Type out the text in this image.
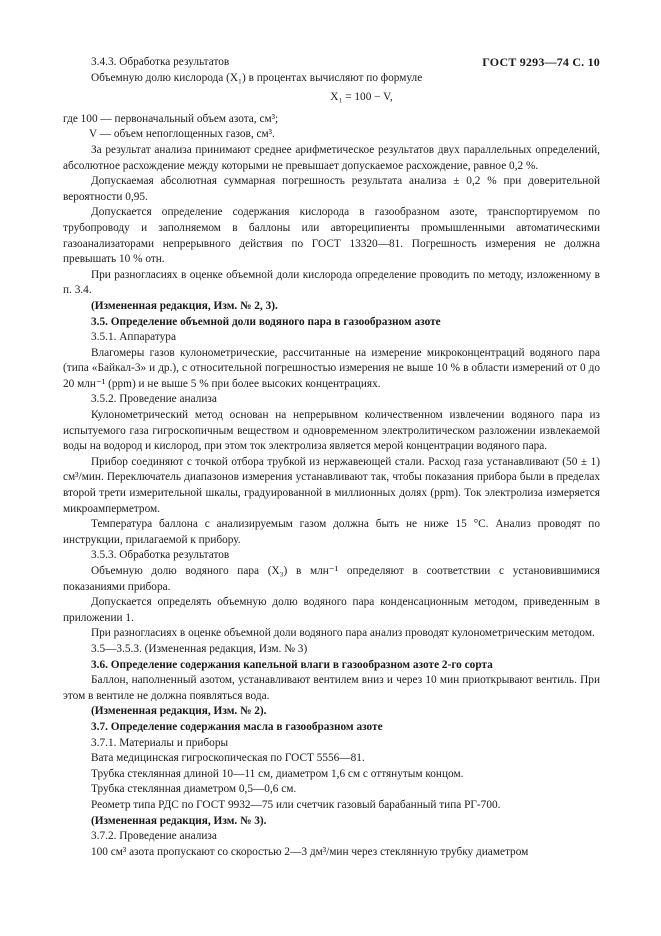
ГОСТ 9293—74 С. 10

3.4.3. Обработка результатов

Объемную долю кислорода (X₁) в процентах вычисляют по формуле

X₁ = 100 − V,

где 100 — первоначальный объем азота, см³;

V — объем непоглощенных газов, см³.

За результат анализа принимают среднее арифметическое результатов двух параллельных определений, абсолютное расхождение между которыми не превышает допускаемое расхождение, равное 0,2 %.

Допускаемая абсолютная суммарная погрешность результата анализа ± 0,2 % при доверительной вероятности 0,95.

Допускается определение содержания кислорода в газообразном азоте, транспортируемом по трубопроводу и заполняемом в баллоны или автореципиенты промышленными автоматическими газоанализаторами непрерывного действия по ГОСТ 13320—81. Погрешность измерения не должна превышать 10 % отн.

При разногласиях в оценке объемной доли кислорода определение проводить по методу, изложенному в п. 3.4.

(Измененная редакция, Изм. № 2, 3).

3.5. Определение объемной доли водяного пара в газообразном азоте

3.5.1. Аппаратура

Влагомеры газов кулонометрические, рассчитанные на измерение микроконцентраций водяного пара (типа «Байкал-3» и др.), с относительной погрешностью измерения не выше 10 % в области измерений от 0 до 20 млн⁻¹ (ppm) и не выше 5 % при более высоких концентрациях.

3.5.2. Проведение анализа

Кулонометрический метод основан на непрерывном количественном извлечении водяного пара из испытуемого газа гигроскопичным веществом и одновременном электролитическом разложении извлекаемой воды на водород и кислород, при этом ток электролиза является мерой концентрации водяного пара.

Прибор соединяют с точкой отбора трубкой из нержавеющей стали. Расход газа устанавливают (50 ± 1) см³/мин. Переключатель диапазонов измерения устанавливают так, чтобы показания прибора были в пределах второй трети измерительной шкалы, градуированной в миллионных долях (ppm). Ток электролиза измеряется микроамперметром.

Температура баллона с анализируемым газом должна быть не ниже 15 °С. Анализ проводят по инструкции, прилагаемой к прибору.

3.5.3. Обработка результатов

Объемную долю водяного пара (X₃) в млн⁻¹ определяют в соответствии с установившимися показаниями прибора.

Допускается определять объемную долю водяного пара конденсационным методом, приведенным в приложении 1.

При разногласиях в оценке объемной доли водяного пара анализ проводят кулонометрическим методом.

3.5—3.5.3. (Измененная редакция, Изм. № 3)

3.6. Определение содержания капельной влаги в газообразном азоте 2-го сорта

Баллон, наполненный азотом, устанавливают вентилем вниз и через 10 мин приоткрывают вентиль. При этом в вентиле не должна появляться вода.

(Измененная редакция, Изм. № 2).

3.7. Определение содержания масла в газообразном азоте

3.7.1. Материалы и приборы

Вата медицинская гигроскопическая по ГОСТ 5556—81.

Трубка стеклянная длиной 10—11 см, диаметром 1,6 см с оттянутым концом.

Трубка стеклянная диаметром 0,5—0,6 см.

Реометр типа РДС по ГОСТ 9932—75 или счетчик газовый барабанный типа РГ-700.

(Измененная редакция, Изм. № 3).

3.7.2. Проведение анализа

100 см³ азота пропускают со скоростью 2—3 дм³/мин через стеклянную трубку диаметром
